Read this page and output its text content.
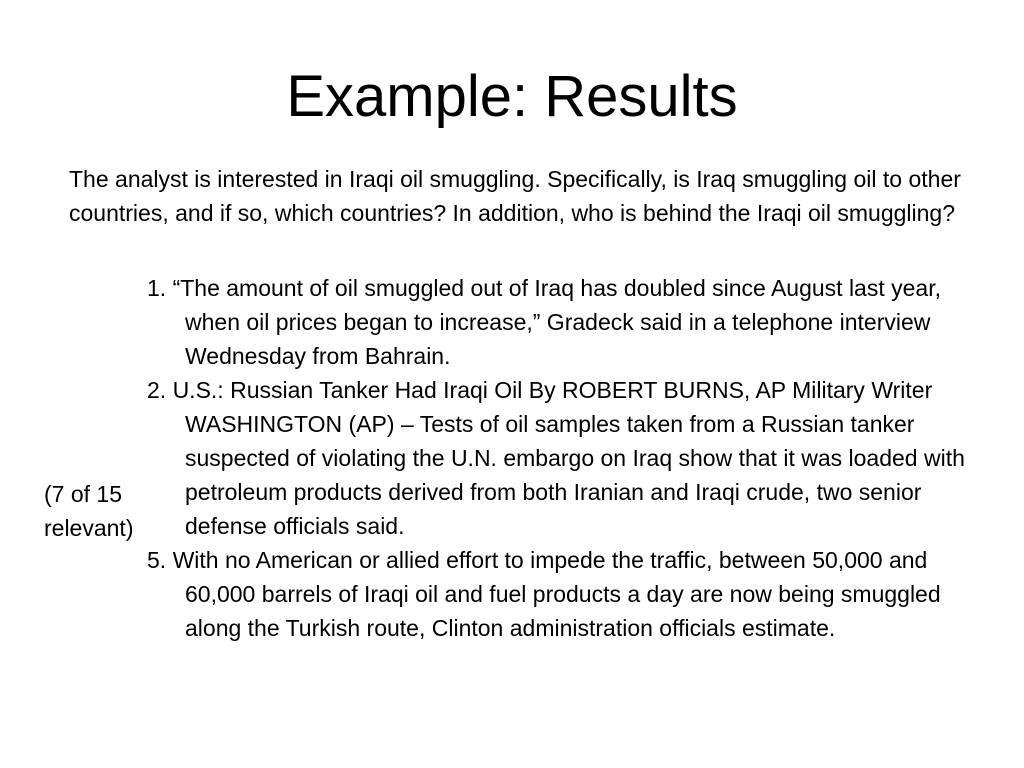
Example: Results

The analyst is interested in Iraqi oil smuggling. Specifically, is Iraq smuggling oil to other countries, and if so, which countries? In addition, who is behind the Iraqi oil smuggling?

(7 of 15
relevant)
1. “The amount of oil smuggled out of Iraq has doubled since August last year, when oil prices began to increase,” Gradeck said in a telephone interview Wednesday from Bahrain.
2. U.S.: Russian Tanker Had Iraqi Oil By ROBERT BURNS, AP Military Writer WASHINGTON (AP) – Tests of oil samples taken from a Russian tanker suspected of violating the U.N. embargo on Iraq show that it was loaded with petroleum products derived from both Iranian and Iraqi crude, two senior defense officials said.
5. With no American or allied effort to impede the traffic, between 50,000 and 60,000 barrels of Iraqi oil and fuel products a day are now being smuggled along the Turkish route, Clinton administration officials estimate.
